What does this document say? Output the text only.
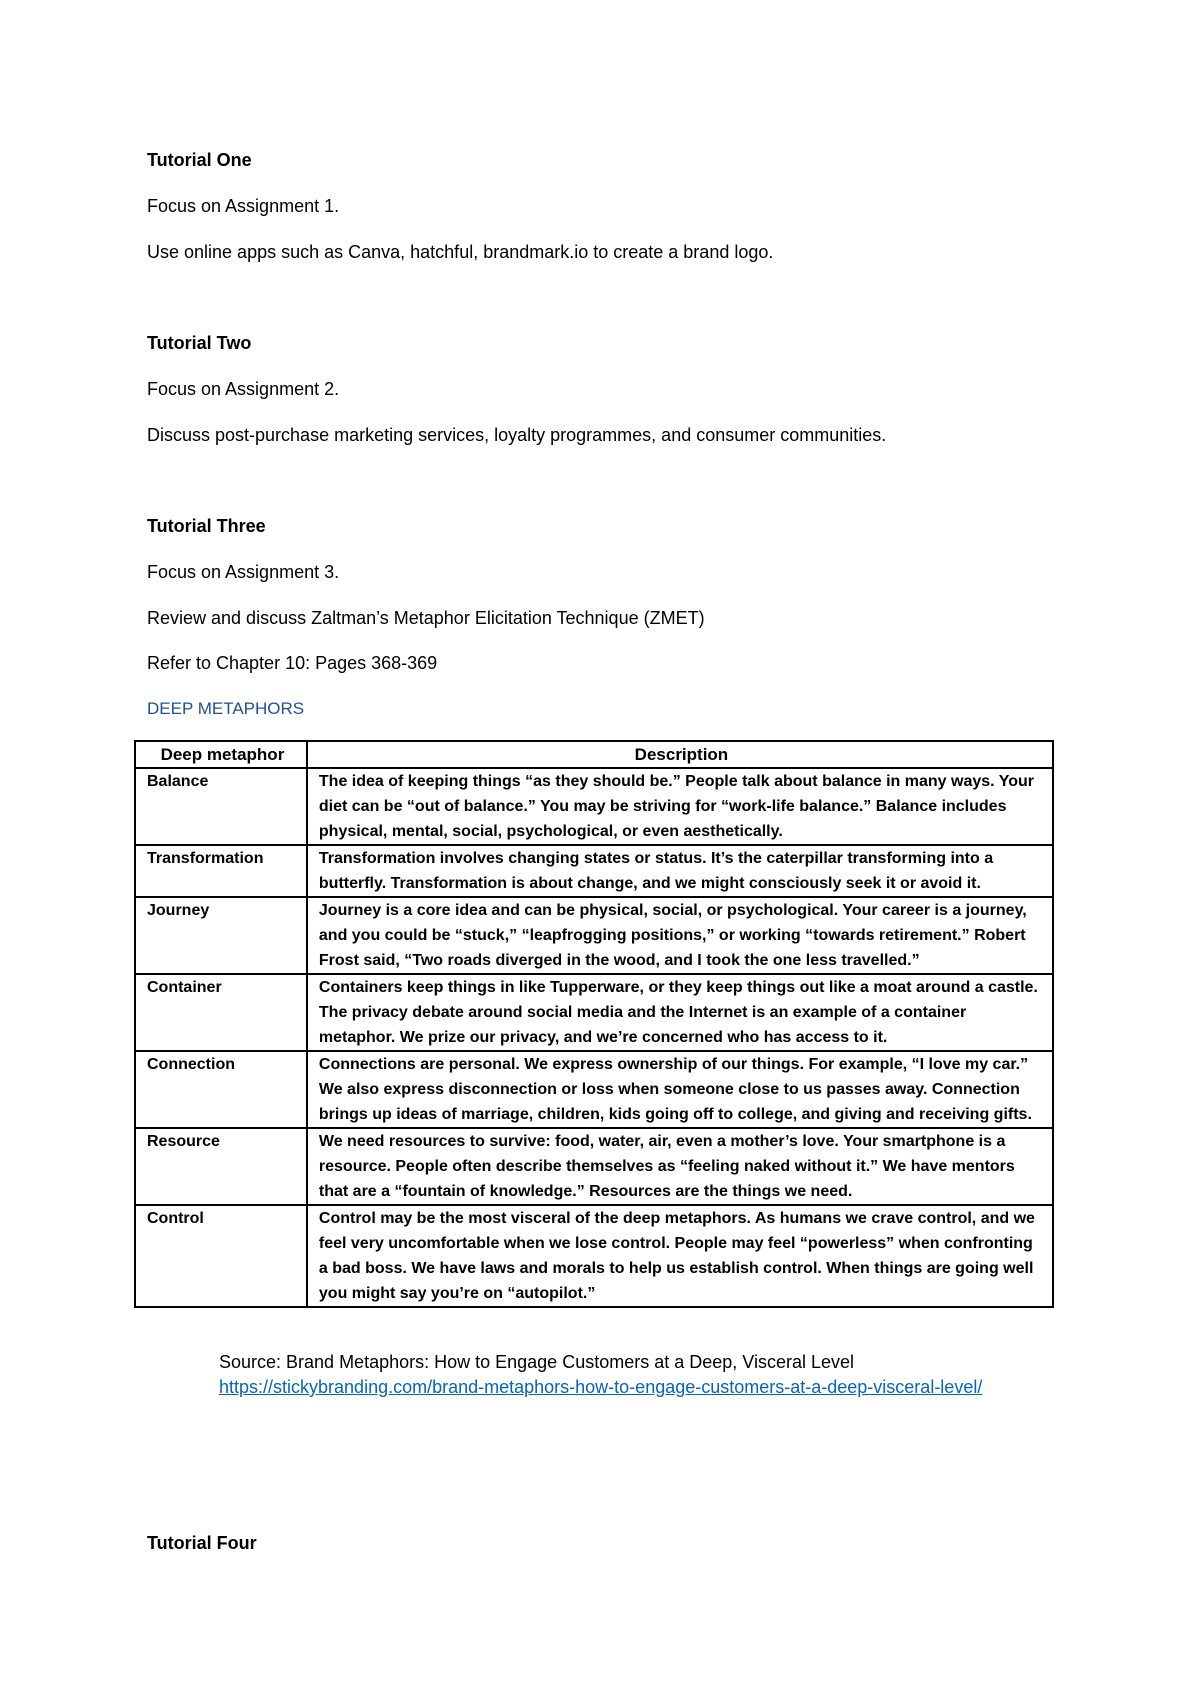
Tutorial One
Focus on Assignment 1.
Use online apps such as Canva, hatchful, brandmark.io to create a brand logo.
Tutorial Two
Focus on Assignment 2.
Discuss post-purchase marketing services, loyalty programmes, and consumer communities.
Tutorial Three
Focus on Assignment 3.
Review and discuss Zaltman’s Metaphor Elicitation Technique (ZMET)
Refer to Chapter 10: Pages 368-369
DEEP METAPHORS
Deep metaphor	Description
Balance	The idea of keeping things “as they should be.” People talk about balance in many ways. Your diet can be “out of balance.” You may be striving for “work-life balance.” Balance includes physical, mental, social, psychological, or even aesthetically.
Transformation	Transformation involves changing states or status. It’s the caterpillar transforming into a butterfly. Transformation is about change, and we might consciously seek it or avoid it.
Journey	Journey is a core idea and can be physical, social, or psychological. Your career is a journey, and you could be “stuck,” “leapfrogging positions,” or working “towards retirement.” Robert Frost said, “Two roads diverged in the wood, and I took the one less travelled.”
Container	Containers keep things in like Tupperware, or they keep things out like a moat around a castle. The privacy debate around social media and the Internet is an example of a container metaphor. We prize our privacy, and we’re concerned who has access to it.
Connection	Connections are personal. We express ownership of our things. For example, “I love my car.” We also express disconnection or loss when someone close to us passes away. Connection brings up ideas of marriage, children, kids going off to college, and giving and receiving gifts.
Resource	We need resources to survive: food, water, air, even a mother’s love. Your smartphone is a resource. People often describe themselves as “feeling naked without it.” We have mentors that are a “fountain of knowledge.” Resources are the things we need.
Control	Control may be the most visceral of the deep metaphors. As humans we crave control, and we feel very uncomfortable when we lose control. People may feel “powerless” when confronting a bad boss. We have laws and morals to help us establish control. When things are going well you might say you’re on “autopilot.”
Source: Brand Metaphors: How to Engage Customers at a Deep, Visceral Level
https://stickybranding.com/brand-metaphors-how-to-engage-customers-at-a-deep-visceral-level/
Tutorial Four
